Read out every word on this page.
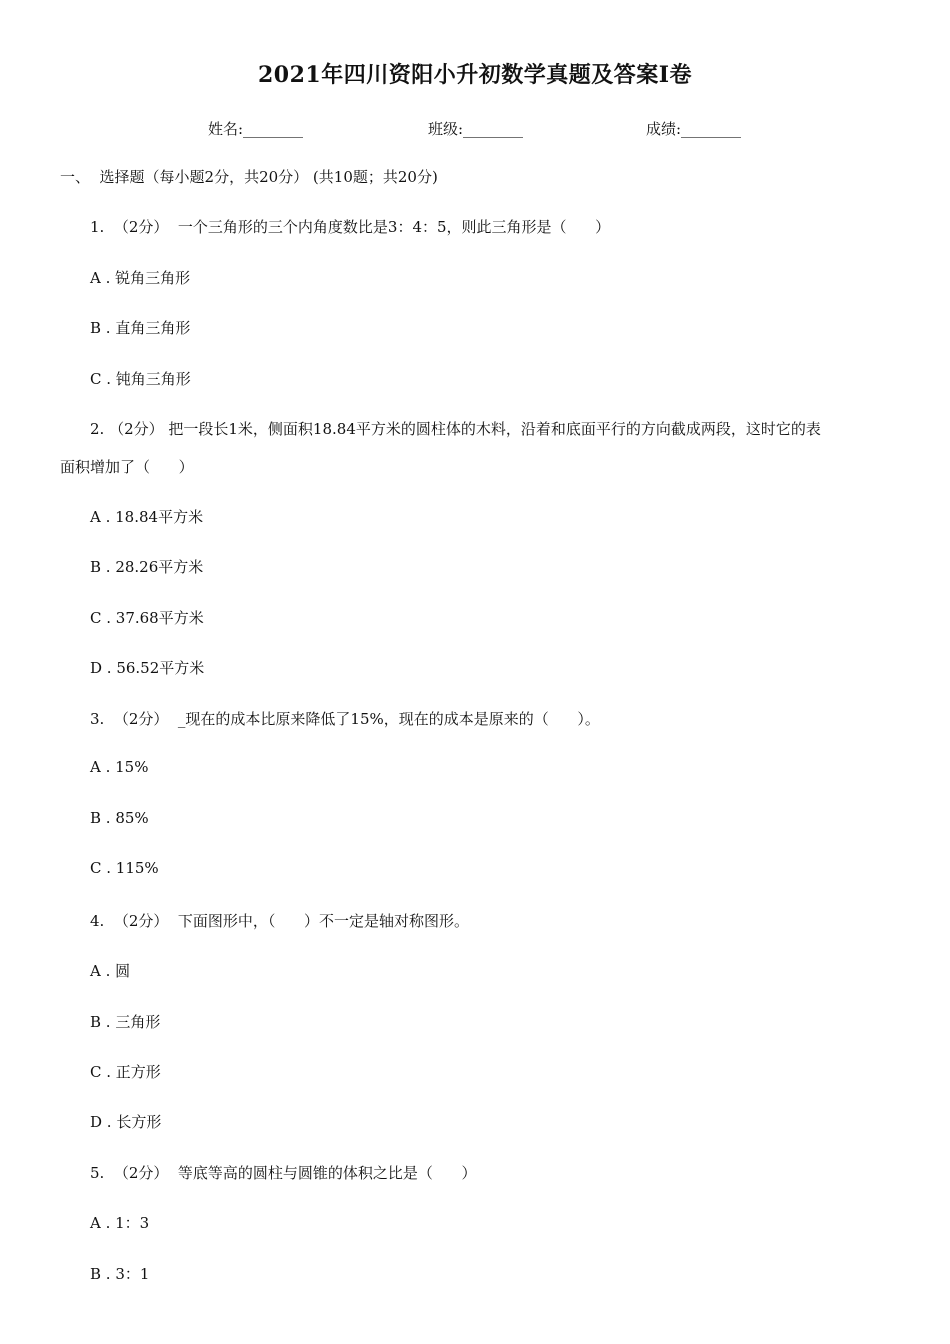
2021年四川资阳小升初数学真题及答案I卷
姓名:________	班级:________	成绩:________
一、  选择题（每小题2分，共20分） (共10题；共20分)
1.  （2分）  一个三角形的三个内角度数比是3：4：5，则此三角形是（      ）
A . 锐角三角形
B . 直角三角形
C . 钝角三角形
2. （2分） 把一段长1米，侧面积18.84平方米的圆柱体的木料，沿着和底面平行的方向截成两段，这时它的表
面积增加了（      ）
A . 18.84平方米
B . 28.26平方米
C . 37.68平方米
D . 56.52平方米
3.  （2分）  _现在的成本比原来降低了15%，现在的成本是原来的（      ）。
A . 15%
B . 85%
C . 115%
4.  （2分）  下面图形中，（      ）不一定是轴对称图形。
A . 圆
B . 三角形
C . 正方形
D . 长方形
5.  （2分）  等底等高的圆柱与圆锥的体积之比是（      ）
A . 1：3
B . 3：1
